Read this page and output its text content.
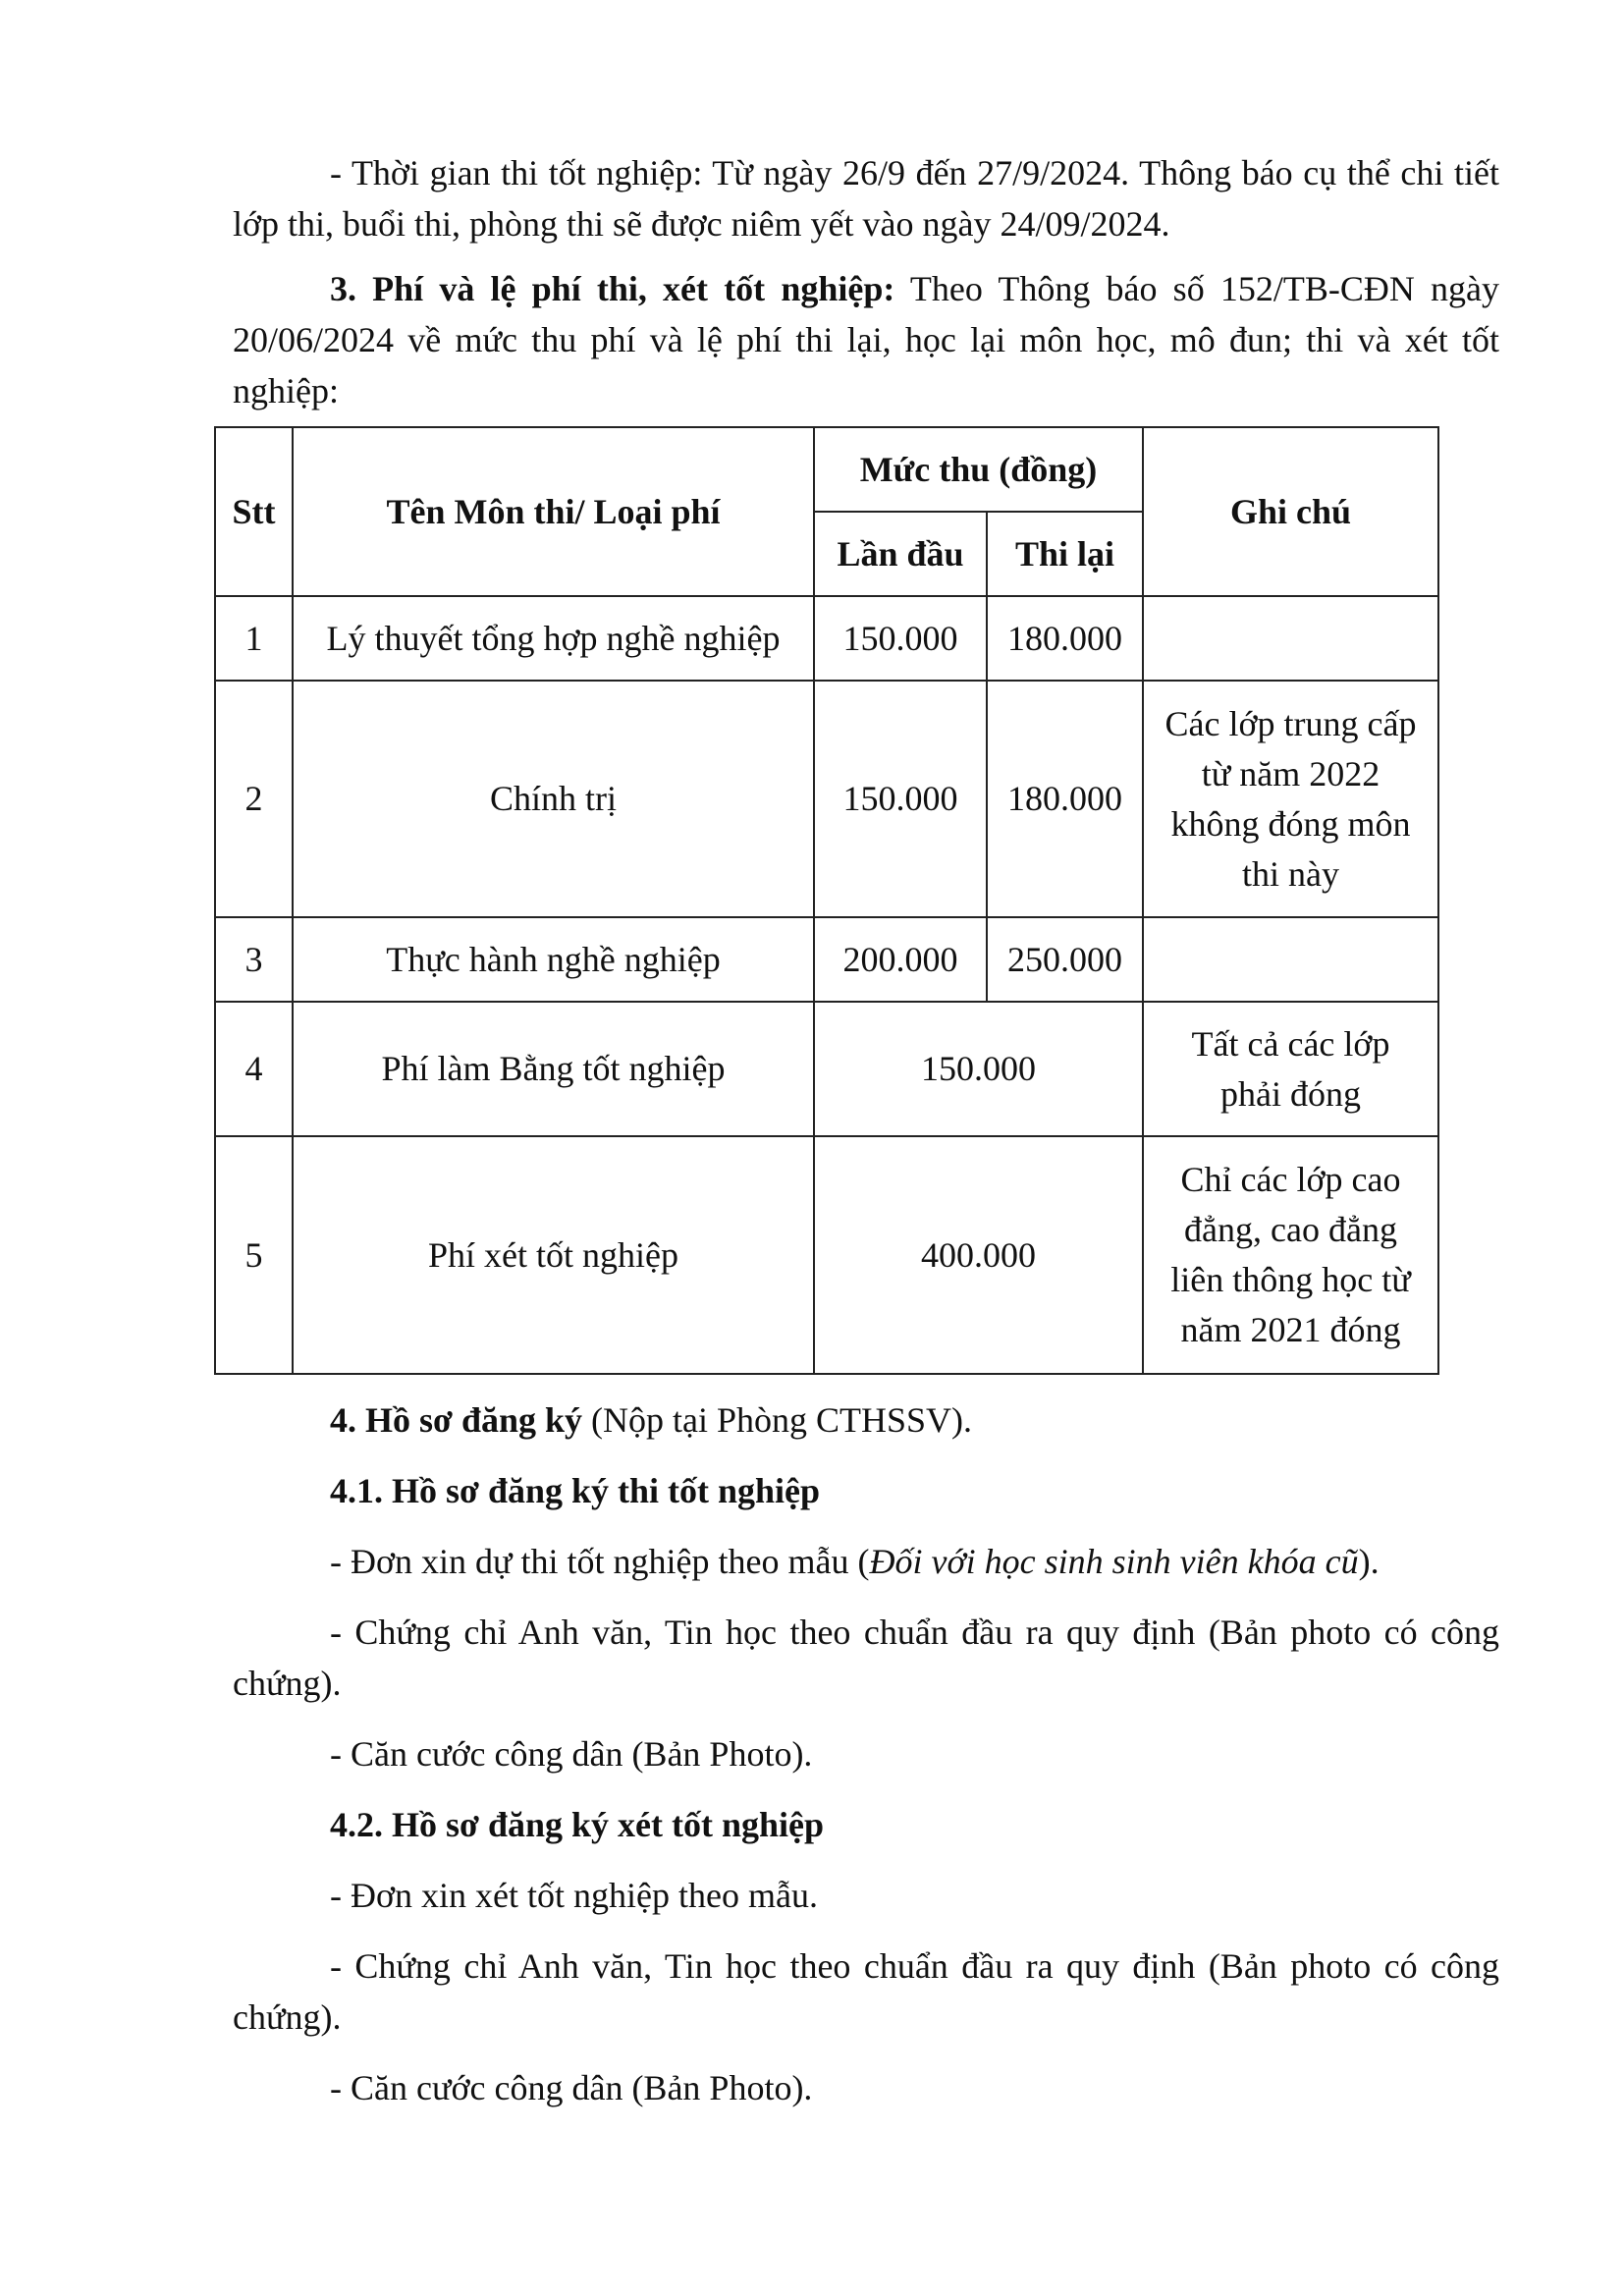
- Thời gian thi tốt nghiệp: Từ ngày 26/9 đến 27/9/2024. Thông báo cụ thể chi tiết lớp thi, buổi thi, phòng thi sẽ được niêm yết vào ngày 24/09/2024.

3. Phí và lệ phí thi, xét tốt nghiệp: Theo Thông báo số 152/TB-CĐN ngày 20/06/2024 về mức thu phí và lệ phí thi lại, học lại môn học, mô đun; thi và xét tốt nghiệp:

Stt	Tên Môn thi/ Loại phí	Mức thu (đồng)		Ghi chú
		Lần đầu	Thi lại	
1	Lý thuyết tổng hợp nghề nghiệp	150.000	180.000	
2	Chính trị	150.000	180.000	Các lớp trung cấp từ năm 2022 không đóng môn thi này
3	Thực hành nghề nghiệp	200.000	250.000	
4	Phí làm Bằng tốt nghiệp	150.000		Tất cả các lớp phải đóng
5	Phí xét tốt nghiệp	400.000		Chỉ các lớp cao đẳng, cao đẳng liên thông học từ năm 2021 đóng

4. Hồ sơ đăng ký (Nộp tại Phòng CTHSSV).

4.1. Hồ sơ đăng ký thi tốt nghiệp

- Đơn xin dự thi tốt nghiệp theo mẫu (Đối với học sinh sinh viên khóa cũ).

- Chứng chỉ Anh văn, Tin học theo chuẩn đầu ra quy định (Bản photo có công chứng).

- Căn cước công dân (Bản Photo).

4.2. Hồ sơ đăng ký xét tốt nghiệp

- Đơn xin xét tốt nghiệp theo mẫu.

- Chứng chỉ Anh văn, Tin học theo chuẩn đầu ra quy định (Bản photo có công chứng).

- Căn cước công dân (Bản Photo).
